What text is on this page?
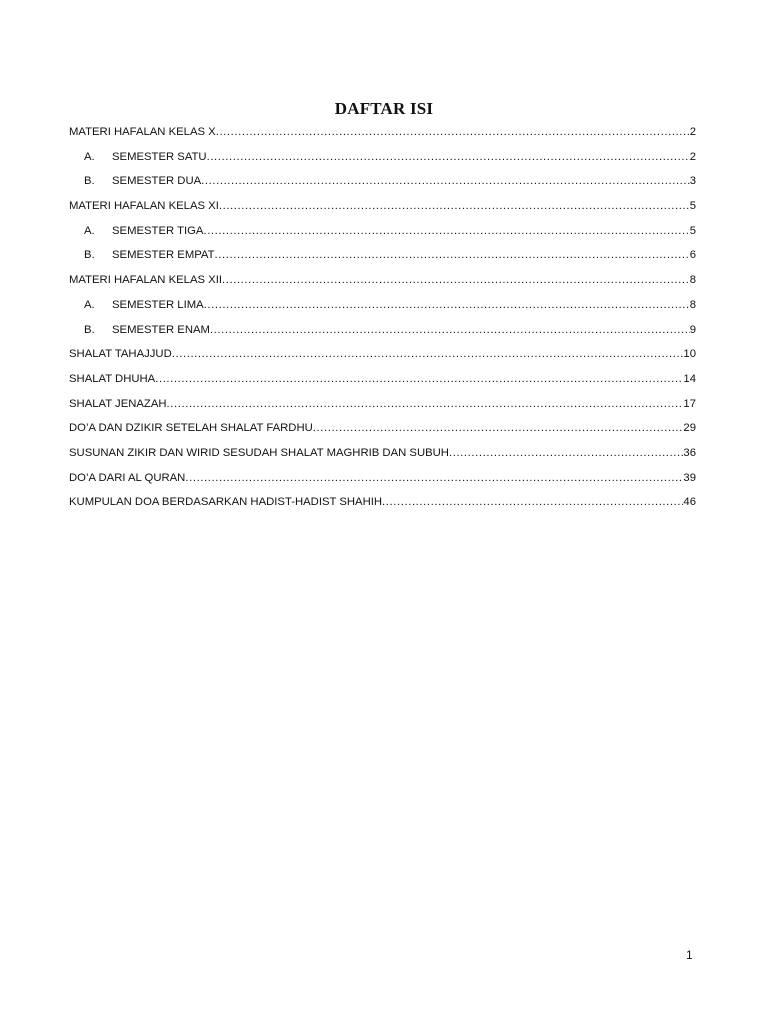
DAFTAR ISI
MATERI HAFALAN KELAS X .....	2
A.	SEMESTER SATU .....	2
B.	SEMESTER DUA .....	3
MATERI HAFALAN KELAS XI .....	5
A.	SEMESTER TIGA .....	5
B.	SEMESTER EMPAT .....	6
MATERI HAFALAN KELAS XII .....	8
A.	SEMESTER LIMA .....	8
B.	SEMESTER ENAM .....	9
SHALAT TAHAJJUD .....	10
SHALAT DHUHA .....	14
SHALAT JENAZAH .....	17
DO’A DAN DZIKIR SETELAH SHALAT FARDHU .....	29
SUSUNAN ZIKIR DAN WIRID SESUDAH SHALAT MAGHRIB DAN SUBUH .....	36
DO’A DARI AL QURAN .....	39
KUMPULAN DOA BERDASARKAN HADIST-HADIST SHAHIH .....	46
1
